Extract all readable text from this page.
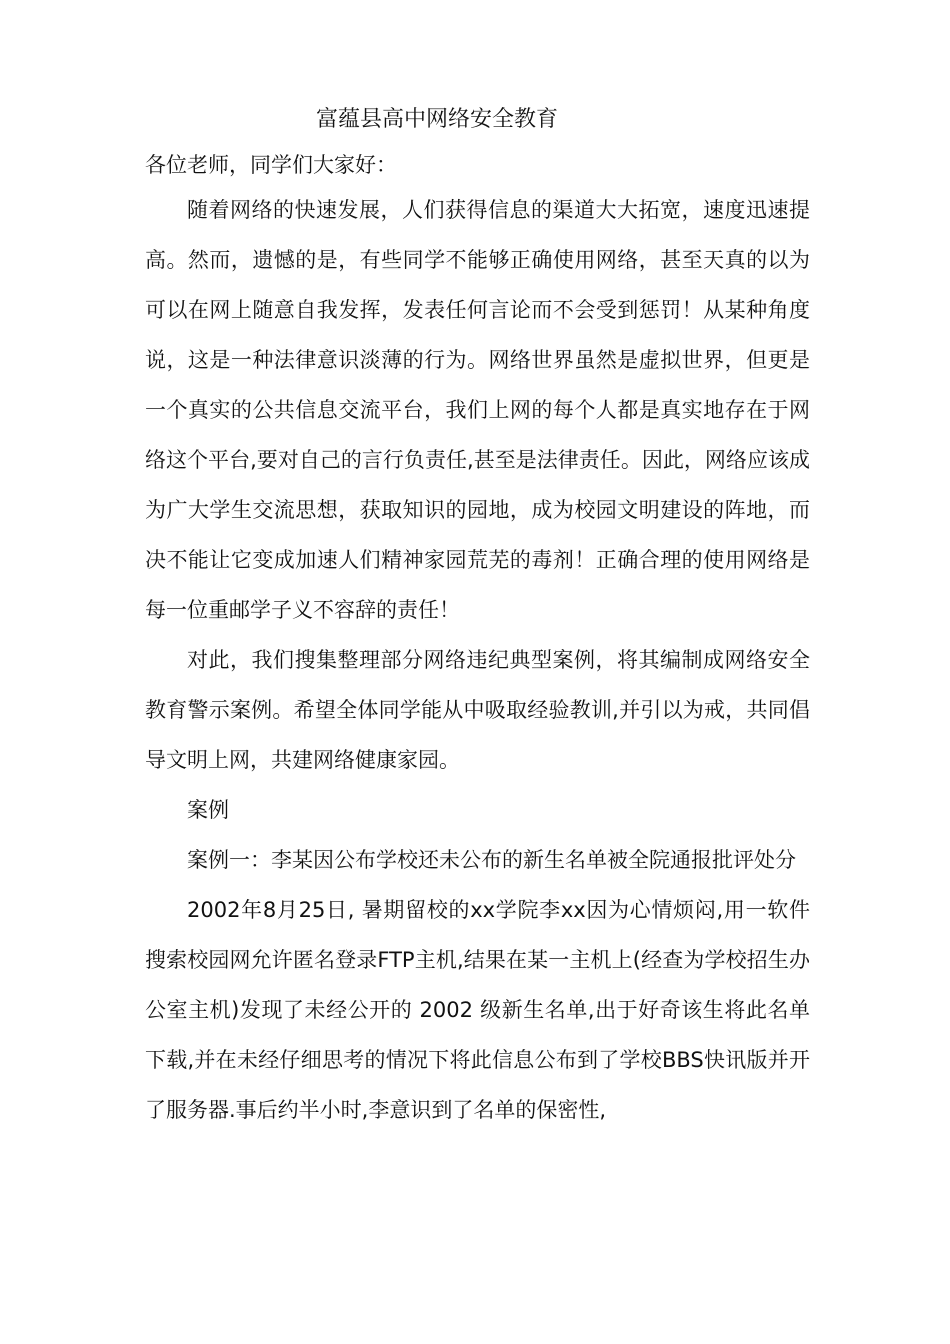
富蕴县高中网络安全教育

各位老师，同学们大家好：

随着网络的快速发展，人们获得信息的渠道大大拓宽，速度迅速提高。然而，遗憾的是，有些同学不能够正确使用网络，甚至天真的以为可以在网上随意自我发挥，发表任何言论而不会受到惩罚！从某种角度说，这是一种法律意识淡薄的行为。网络世界虽然是虚拟世界，但更是一个真实的公共信息交流平台，我们上网的每个人都是真实地存在于网络这个平台,要对自己的言行负责任,甚至是法律责任。因此，网络应该成为广大学生交流思想，获取知识的园地，成为校园文明建设的阵地，而决不能让它变成加速人们精神家园荒芜的毒剂！正确合理的使用网络是每一位重邮学子义不容辞的责任！

对此，我们搜集整理部分网络违纪典型案例，将其编制成网络安全教育警示案例。希望全体同学能从中吸取经验教训,并引以为戒，共同倡导文明上网，共建网络健康家园。

案例

案例一：李某因公布学校还未公布的新生名单被全院通报批评处分

2002年8月25日, 暑期留校的xx学院李xx因为心情烦闷,用一软件搜索校园网允许匿名登录FTP主机,结果在某一主机上(经查为学校招生办公室主机)发现了未经公开的 2002 级新生名单,出于好奇该生将此名单下载,并在未经仔细思考的情况下将此信息公布到了学校BBS快讯版并开了服务器.事后约半小时,李意识到了名单的保密性,
